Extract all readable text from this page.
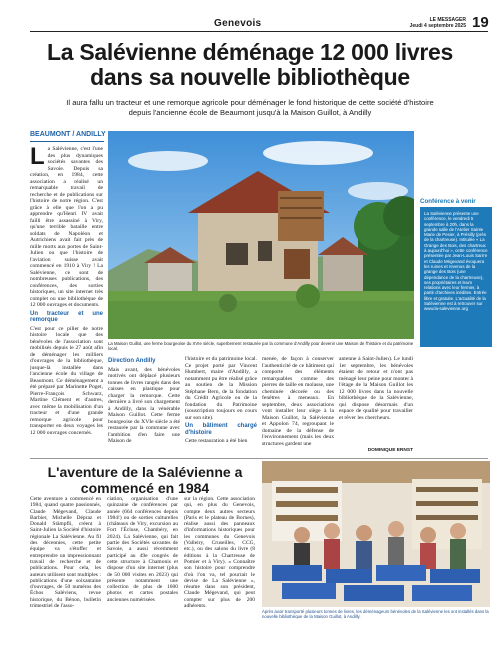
Genevois	LE MESSAGER
Jeudi 4 septembre 2025 19
La Salévienne déménage 12 000 livres dans sa nouvelle bibliothèque
Il aura fallu un tracteur et une remorque agricole pour déménager le fond historique de cette société d'histoire depuis l'ancienne école de Beaumont jusqu'à la Maison Guillot, à Andilly
BEAUMONT / ANDILLY

La Salévienne, c'est l'une des plus dynamiques sociétés savantes des Savoie. Depuis sa création, en 1984, cette association a réalisé un remarquable travail de recherche et de publications sur l'histoire de notre région. C'est grâce à elle que l'on a pu apprendre qu'Henri IV avait failli être assassiné à Viry, qu'une terrible bataille entre soldats de Napoléon et Autrichiens avait fait près de mille morts aux portes de Saint-Julien ou que l'histoire de l'aviation suisse avait commencé en 1910 à Viry ! La Salévienne, ce sont de nombreuses publications, des conférences, des sorties historiques, un site internet très complet ou une bibliothèque de 12 000 ouvrages et documents.

Un tracteur et une remorque

C'est pour ce pilier de notre histoire locale que des bénévoles de l'association sont mobilisés depuis le 27 août afin de déménager les milliers d'ouvrages de la bibliothèque, jusque-là installée dans l'ancienne école du village de Beaumont. Ce déménagement a été préparé par Marinette Poget, Pierre-François Schwarz, Martine Clément et d'autres, avec même la mobilisation d'un tracteur et d'une grande remorque agricole pour transporter en deux voyages les 12 000 ouvrages concernés.

La Maison Guillot, une ferme bourgeoise du XVIe siècle, superbement restaurée par la commune d'Andilly pour devenir une Maison de l'histoire et du patrimoine local.
Conférence à venir
La Salévienne présente une conférence, le vendredi 5 septembre à 20h, dans la grande salle de l'Atelier Sainte Marie de Pesier, à Présilly (près de la chartreuse). Intitulée « La Grange des Bois, des chartreux à aujourd'hui », cette conférence présentée par Jean-Louis Sarrre et Claude Mégevand évoquera les ruines et revenus de la grange des Bois (une dépendance de la chartreuse), ses propriétaires et leurs relations avec leur fermier, à partir d'archives inédites. Entrée libre et gratuite. L'actualité de la Salévienne est à retrouver sur www.la-salevienne.org
Direction Andilly

Mais avant, des bénévoles motivés ont déplacé plusieurs tonnes de livres rangés dans des caisses en plastique pour charger la remorque. Cette dernière a livré son chargement à Andilly, dans la vénérable Maison Guillot. Cette ferme bourgeoise du XVIe siècle a été restaurée par la commune avec l'ambition d'en faire une Maison de

l'histoire et du patrimoine local. Ce projet porté par Vincent Humbert, maire d'Andilly, a notamment pu être réalisé grâce au soutien de la Mission Stéphane Bern, de la fondation du Crédit Agricole ou de la fondation du Patrimoine (souscription toujours en cours sur son site).

Un bâtiment chargé d'histoire

Cette restauration a été bien

menée, de façon à conserver l'authenticité de ce bâtiment qui comporte des éléments remarquables comme des pierres de taille en molasse, une cheminée décorée ou des fenêtres à meneaux. En septembre, deux associations vont installer leur siège à la Maison Guillot, la Salévienne et Appolon 74, regroupant le domaine de la défense de l'environnement (mais les deux structures gardent une

antenne à Saint-Julien). Le lundi 1er septembre, les bénévoles étaient de retour et n'ont pas ménagé leur peine pour monter à l'étage de la Maison Guillot les 12 000 livres dans la nouvelle bibliothèque de la Salévienne, qui dispose désormais d'un espace de qualité pour travailler et rêver les chercheurs.

DOMINIQUE ERNST
L'aventure de la Salévienne a commencé en 1984
Cette aventure a commencé en 1984, quand quatre passionnés, Claude Mégevand, Claude Barbier, Michelle Dépraz et Donald Stämpfli, créent à Saint-Julien la Société d'histoire régionale La Salévienne. Au fil des décennies, cette petite équipe va s'étoffer et entreprendre un impressionnant travail de recherche et de publications. Pour cela, les auteurs utilisent sont multiples : publications d'une soixantaine d'ouvrages, de 50 numéros des Échos Saléviens, revue historique, du Bénon, bulletin trimestriel de l'asso-
ciation, organisation d'une quinzaine de conférences par année (664 conférences depuis 1984!) ou de sorties culturelles (châteaux de Viry, excursion au Fort l'Écluse, Chambéry, en 2024). La Salévienne, qui fait partie des Sociétés savantes de Savoie, a aussi récemment participé au 49e congrès de cette structure à Chamonis et dispose d'un site internet (plus de 50 000 visites en 2023) qui présente notamment une collection de plus de 1600 photos et cartes postales anciennes numérisées
sur la région. Cette association qui, en plus du Genevois, compte deux autres secteurs (Paris et le plateau de Bornes), réalise aussi des panneaux d'informations historiques pour les communes du Genevois (Valleiry, Cruseilles, CCG, etc.), ou des salons du livre (8 éditions à la Chartreuse de Pomier et à Viry). « Connaître son histoire pour comprendre d'où l'on va, tel pourrait le devise de La Salévienne », résume dans son président, Claude Mégevand, qui peut compter sur plus de 200 adhérents.
Après avoir transporté plusieurs tonnes de livres, les déménageurs bénévoles de la Salévienne les ont installés dans la nouvelle bibliothèque de la Maison Guillot, à Andilly.
